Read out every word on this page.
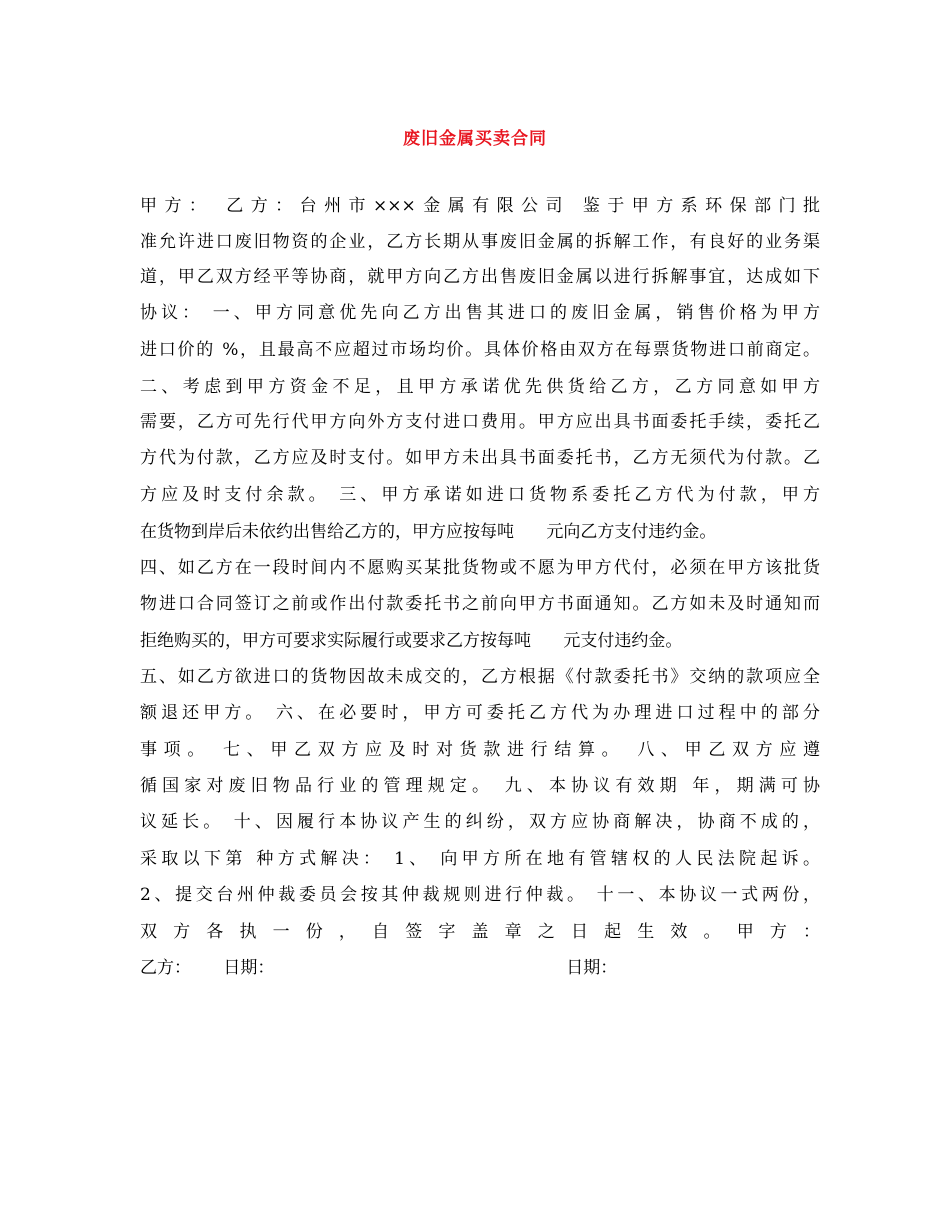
废旧金属买卖合同
甲方： 乙方：台州市×××金属有限公司 鉴于甲方系环保部门批
准允许进口废旧物资的企业，乙方长期从事废旧金属的拆解工作，有良好的业务渠
道，甲乙双方经平等协商，就甲方向乙方出售废旧金属以进行拆解事宜，达成如下
协议： 一、甲方同意优先向乙方出售其进口的废旧金属，销售价格为甲方
进口价的 %，且最高不应超过市场均价。具体价格由双方在每票货物进口前商定。
二、考虑到甲方资金不足，且甲方承诺优先供货给乙方，乙方同意如甲方
需要，乙方可先行代甲方向外方支付进口费用。甲方应出具书面委托手续，委托乙
方代为付款，乙方应及时支付。如甲方未出具书面委托书，乙方无须代为付款。乙
方应及时支付余款。 三、甲方承诺如进口货物系委托乙方代为付款，甲方
在货物到岸后未依约出售给乙方的，甲方应按每吨      元向乙方支付违约金。
四、如乙方在一段时间内不愿购买某批货物或不愿为甲方代付，必须在甲方该批货
物进口合同签订之前或作出付款委托书之前向甲方书面通知。乙方如未及时通知而
拒绝购买的，甲方可要求实际履行或要求乙方按每吨      元支付违约金。
五、如乙方欲进口的货物因故未成交的，乙方根据《付款委托书》交纳的款项应全
额退还甲方。 六、在必要时，甲方可委托乙方代为办理进口过程中的部分
事项。 七、甲乙双方应及时对货款进行结算。 八、甲乙双方应遵
循国家对废旧物品行业的管理规定。 九、本协议有效期 年，期满可协
议延长。 十、因履行本协议产生的纠纷，双方应协商解决，协商不成的，
采取以下第 种方式解决： 1、 向甲方所在地有管辖权的人民法院起诉。
2、提交台州仲裁委员会按其仲裁规则进行仲裁。 十一、本协议一式两份，
双 方 各 执 一 份 ， 自 签 字 盖 章 之 日 起 生 效 。 甲 方 ：
乙方：      日期：                                                      日期：
